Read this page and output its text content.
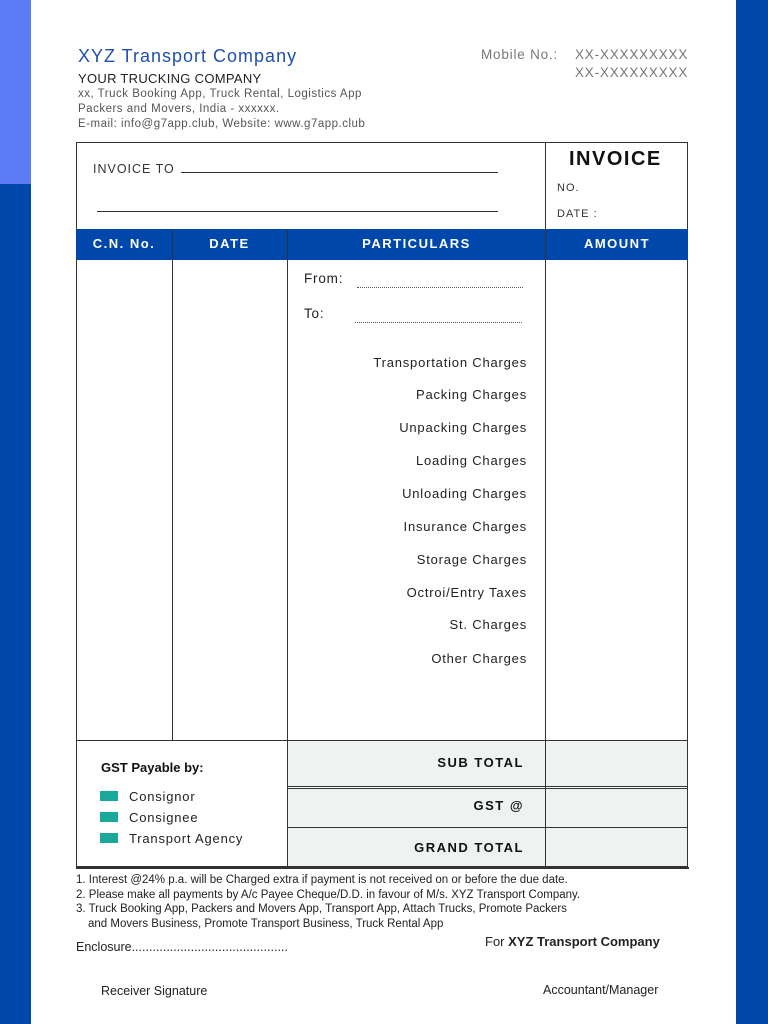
XYZ Transport Company
YOUR TRUCKING COMPANY
xx, Truck Booking App, Truck Rental, Logistics App
Packers and Movers, India - xxxxxx.
E-mail: info@g7app.club, Website: www.g7app.club
Mobile No.: XX-XXXXXXXXX
XX-XXXXXXXXX
INVOICE TO	INVOICE
NO.
DATE :
C.N. No.	DATE	PARTICULARS	AMOUNT
From:
To:
Transportation Charges
Packing Charges
Unpacking Charges
Loading Charges
Unloading Charges
Insurance Charges
Storage Charges
Octroi/Entry Taxes
St. Charges
Other Charges
SUB TOTAL
GST @
GRAND TOTAL
GST Payable by:
Consignor
Consignee
Transport Agency
1. Interest @24% p.a. will be Charged extra if payment is not received on or before the due date.
2. Please make all payments by A/c Payee Cheque/D.D. in favour of M/s. XYZ Transport Company.
3. Truck Booking App, Packers and Movers App, Transport App, Attach Trucks, Promote Packers
and Movers Business, Promote Transport Business, Truck Rental App
Enclosure.............................................	For XYZ Transport Company
Receiver Signature	Accountant/Manager
